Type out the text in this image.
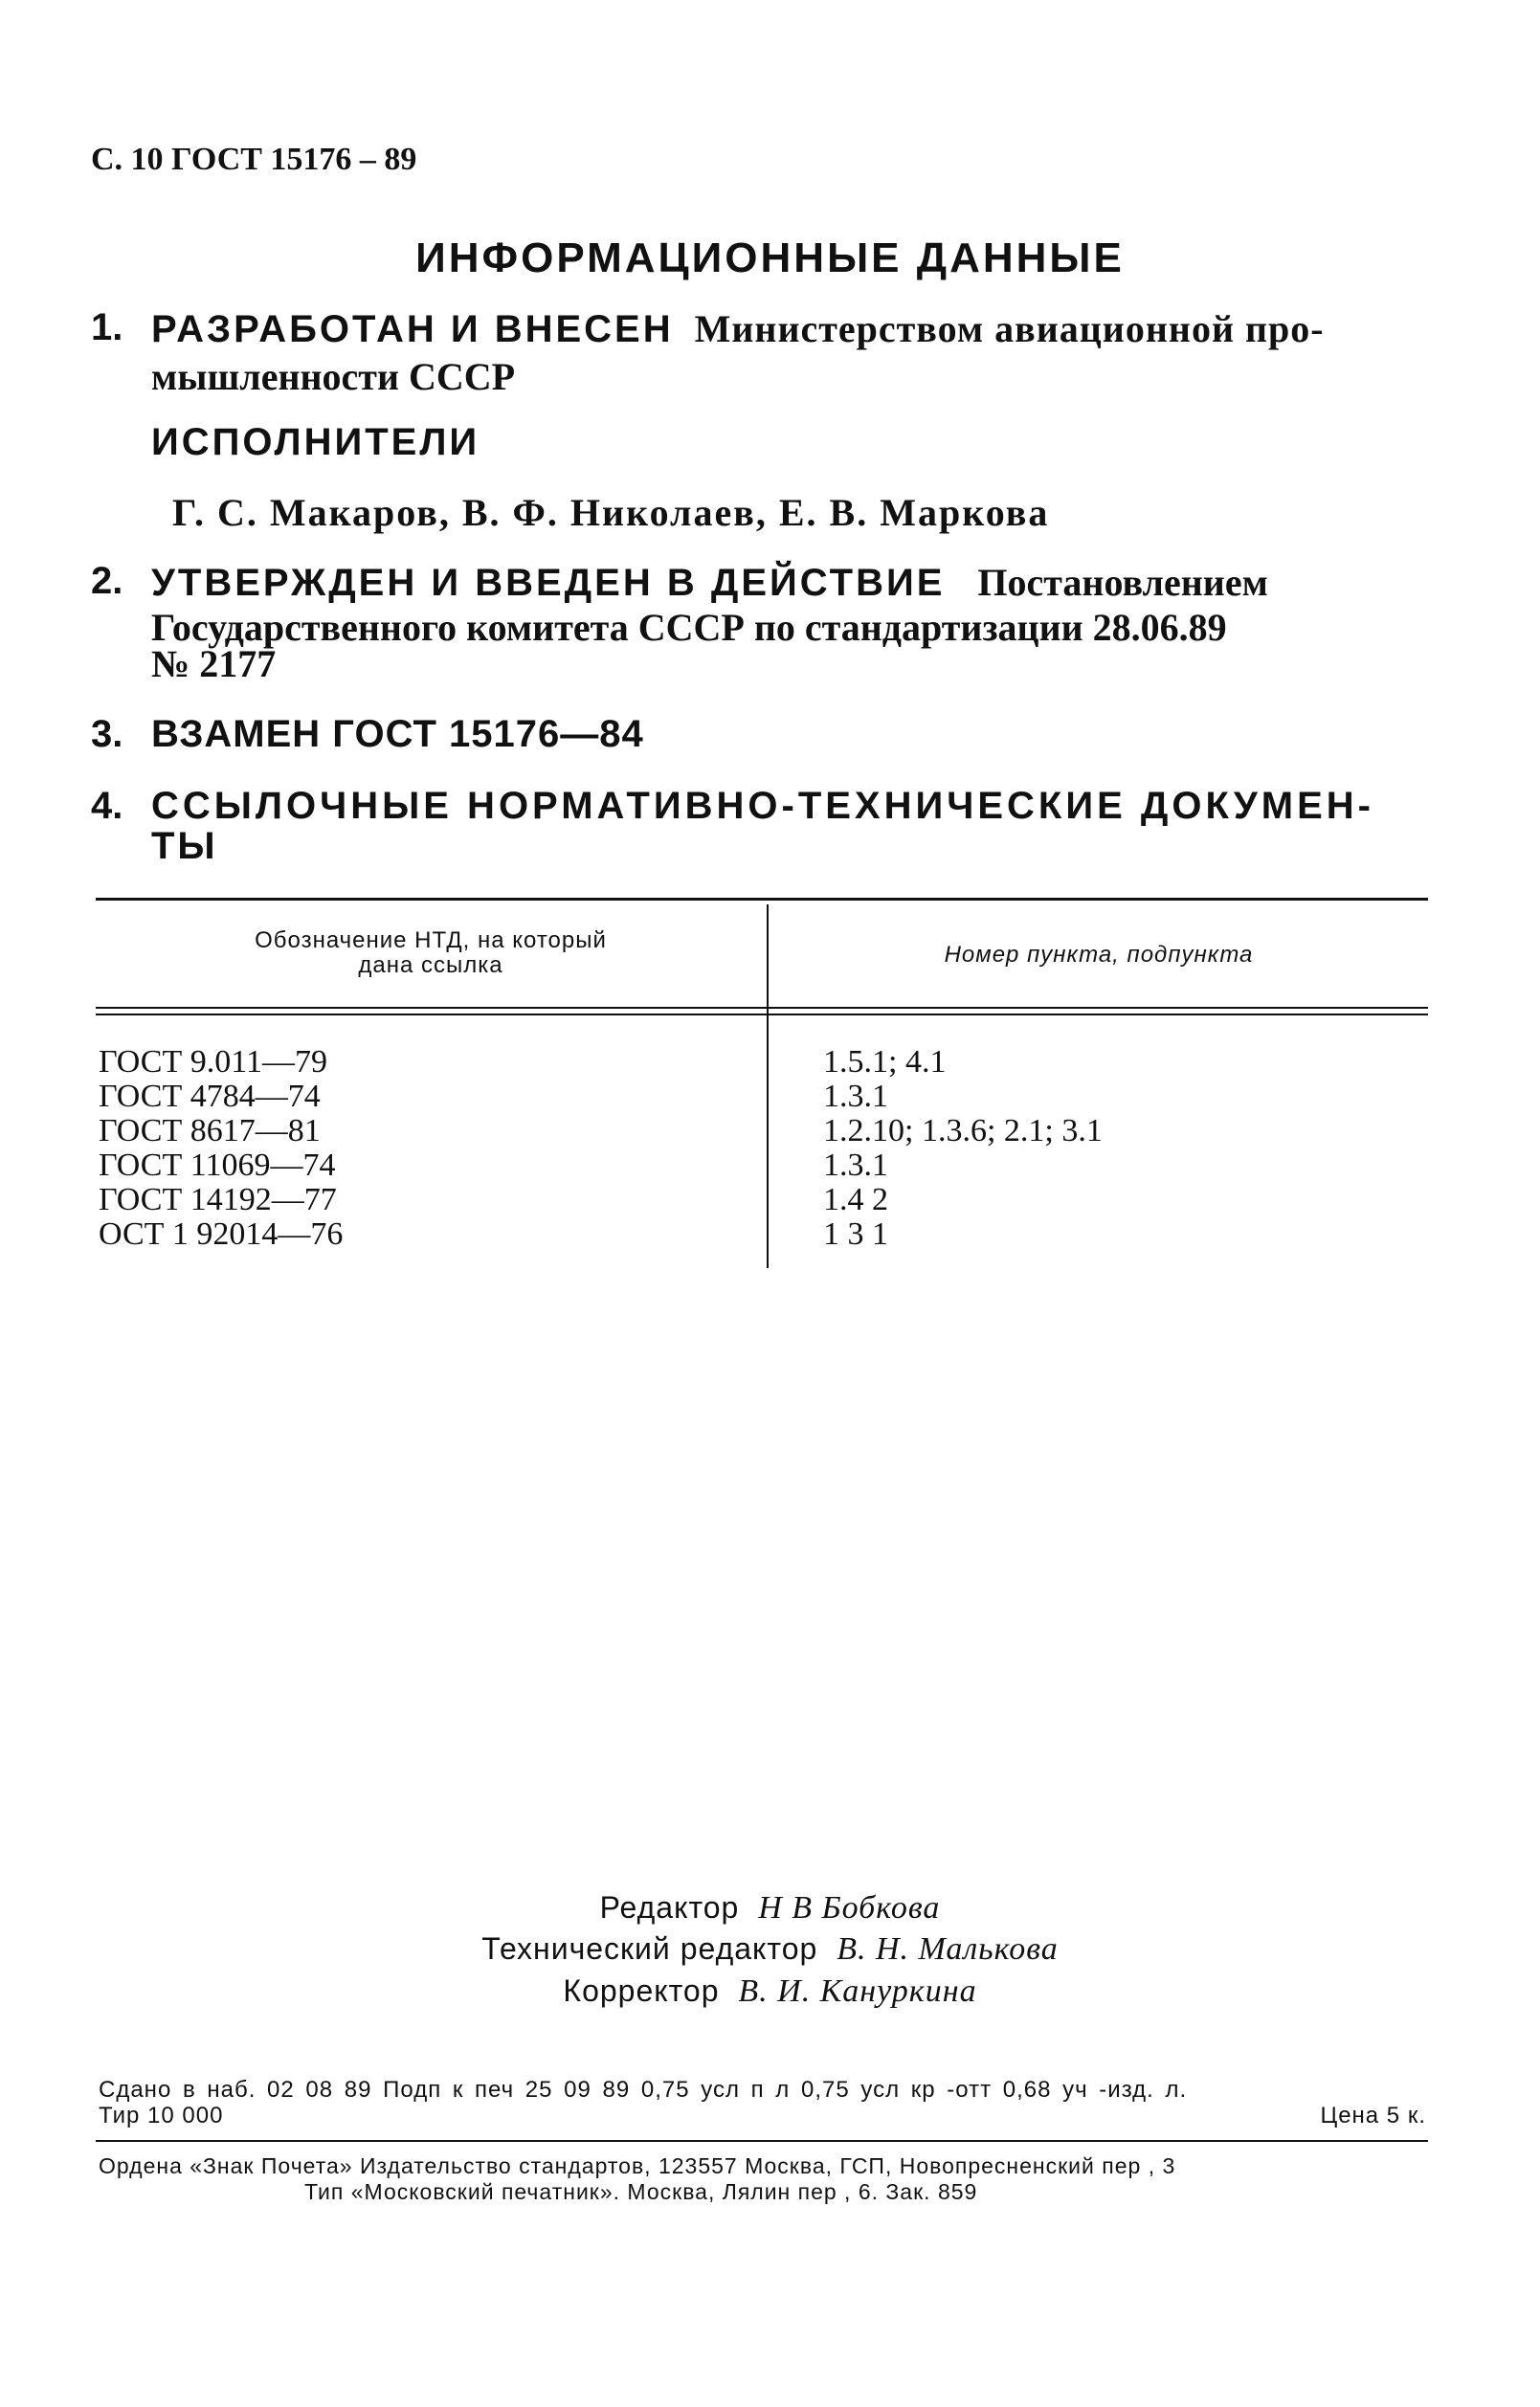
С. 10 ГОСТ 15176 – 89
ИНФОРМАЦИОННЫЕ ДАННЫЕ
1. РАЗРАБОТАН И ВНЕСЕН Министерством авиационной про-
мышленности СССР
ИСПОЛНИТЕЛИ
Г. С. Макаров, В. Ф. Николаев, Е. В. Маркова
2. УТВЕРЖДЕН И ВВЕДЕН В ДЕЙСТВИЕ Постановлением
Государственного комитета СССР по стандартизации 28.06.89
№ 2177
3. ВЗАМЕН ГОСТ 15176—84
4. ССЫЛОЧНЫЕ НОРМАТИВНО-ТЕХНИЧЕСКИЕ ДОКУМЕН-
ТЫ
Обозначение НТД, на который
дана ссылка	Номер пункта, подпункта
ГОСТ 9.011—79
ГОСТ 4784—74
ГОСТ 8617—81
ГОСТ 11069—74
ГОСТ 14192—77
ОСТ 1 92014—76
1.5.1; 4.1
1.3.1
1.2.10; 1.3.6; 2.1; 3.1
1.3.1
1.4 2
1 3 1
Редактор Н В Бобкова
Технический редактор В. Н. Малькова
Корректор В. И. Кануркина
Сдано в наб. 02 08 89 Подп к печ 25 09 89 0,75 усл п л 0,75 усл кр -отт 0,68 уч -изд. л.
Тир 10 000	Цена 5 к.
Ордена «Знак Почета» Издательство стандартов, 123557 Москва, ГСП, Новопресненский пер , 3
Тип «Московский печатник». Москва, Лялин пер , 6. Зак. 859
